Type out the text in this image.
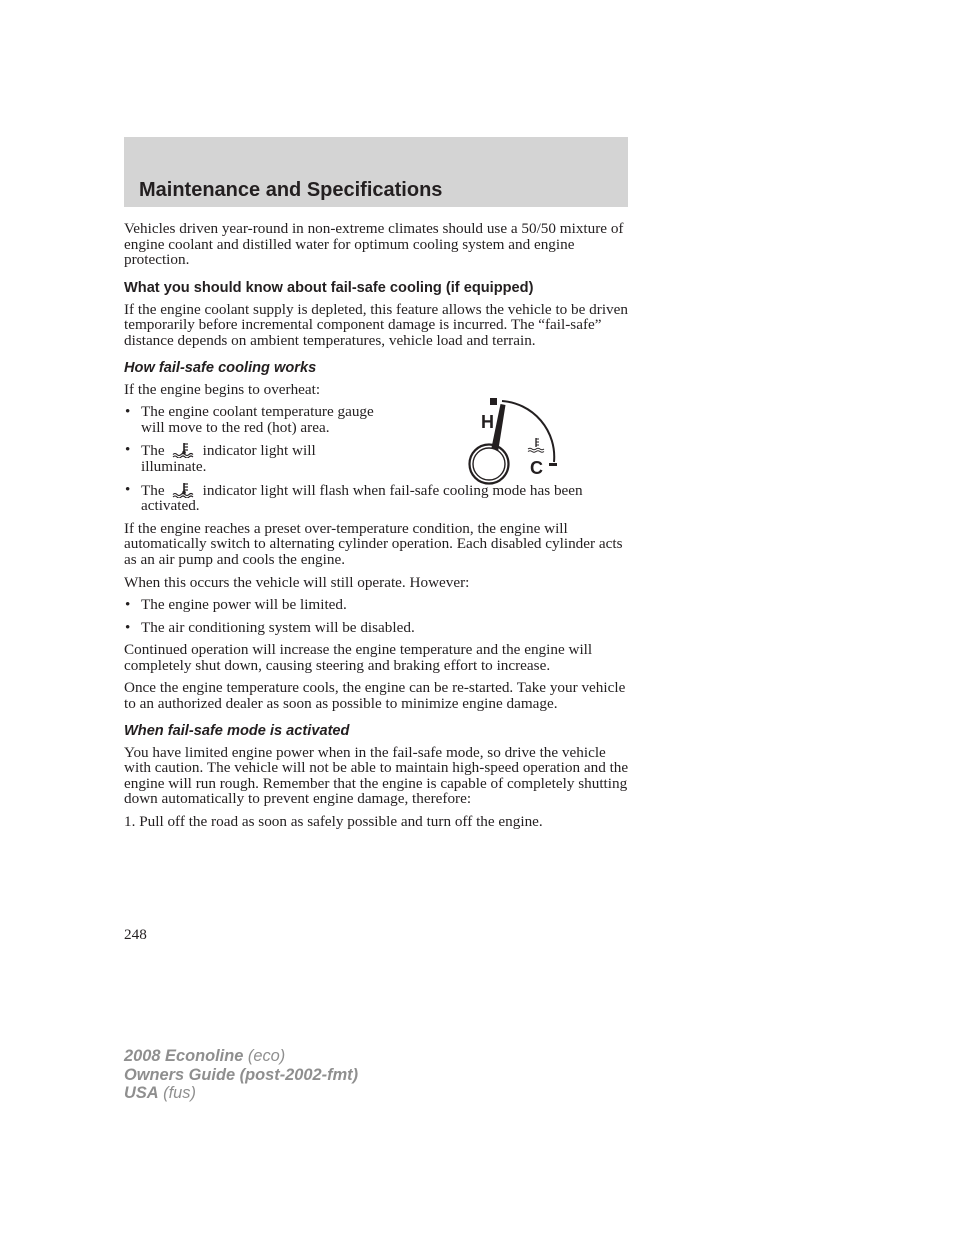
Maintenance and Specifications

Vehicles driven year-round in non-extreme climates should use a 50/50 mixture of engine coolant and distilled water for optimum cooling system and engine protection.

What you should know about fail-safe cooling (if equipped)

If the engine coolant supply is depleted, this feature allows the vehicle to be driven temporarily before incremental component damage is incurred. The “fail-safe” distance depends on ambient temperatures, vehicle load and terrain.

How fail-safe cooling works

If the engine begins to overheat:

• The engine coolant temperature gauge will move to the red (hot) area.
• The	indicator light will illuminate.
• The	indicator light will flash when fail-safe cooling mode has been activated.

If the engine reaches a preset over-temperature condition, the engine will automatically switch to alternating cylinder operation. Each disabled cylinder acts as an air pump and cools the engine.

When this occurs the vehicle will still operate. However:

• The engine power will be limited.
• The air conditioning system will be disabled.

Continued operation will increase the engine temperature and the engine will completely shut down, causing steering and braking effort to increase.

Once the engine temperature cools, the engine can be re-started. Take your vehicle to an authorized dealer as soon as possible to minimize engine damage.

When fail-safe mode is activated

You have limited engine power when in the fail-safe mode, so drive the vehicle with caution. The vehicle will not be able to maintain high-speed operation and the engine will run rough. Remember that the engine is capable of completely shutting down automatically to prevent engine damage, therefore:

1. Pull off the road as soon as safely possible and turn off the engine.

H
C

248

2008 Econoline (eco)
Owners Guide (post-2002-fmt)
USA (fus)
